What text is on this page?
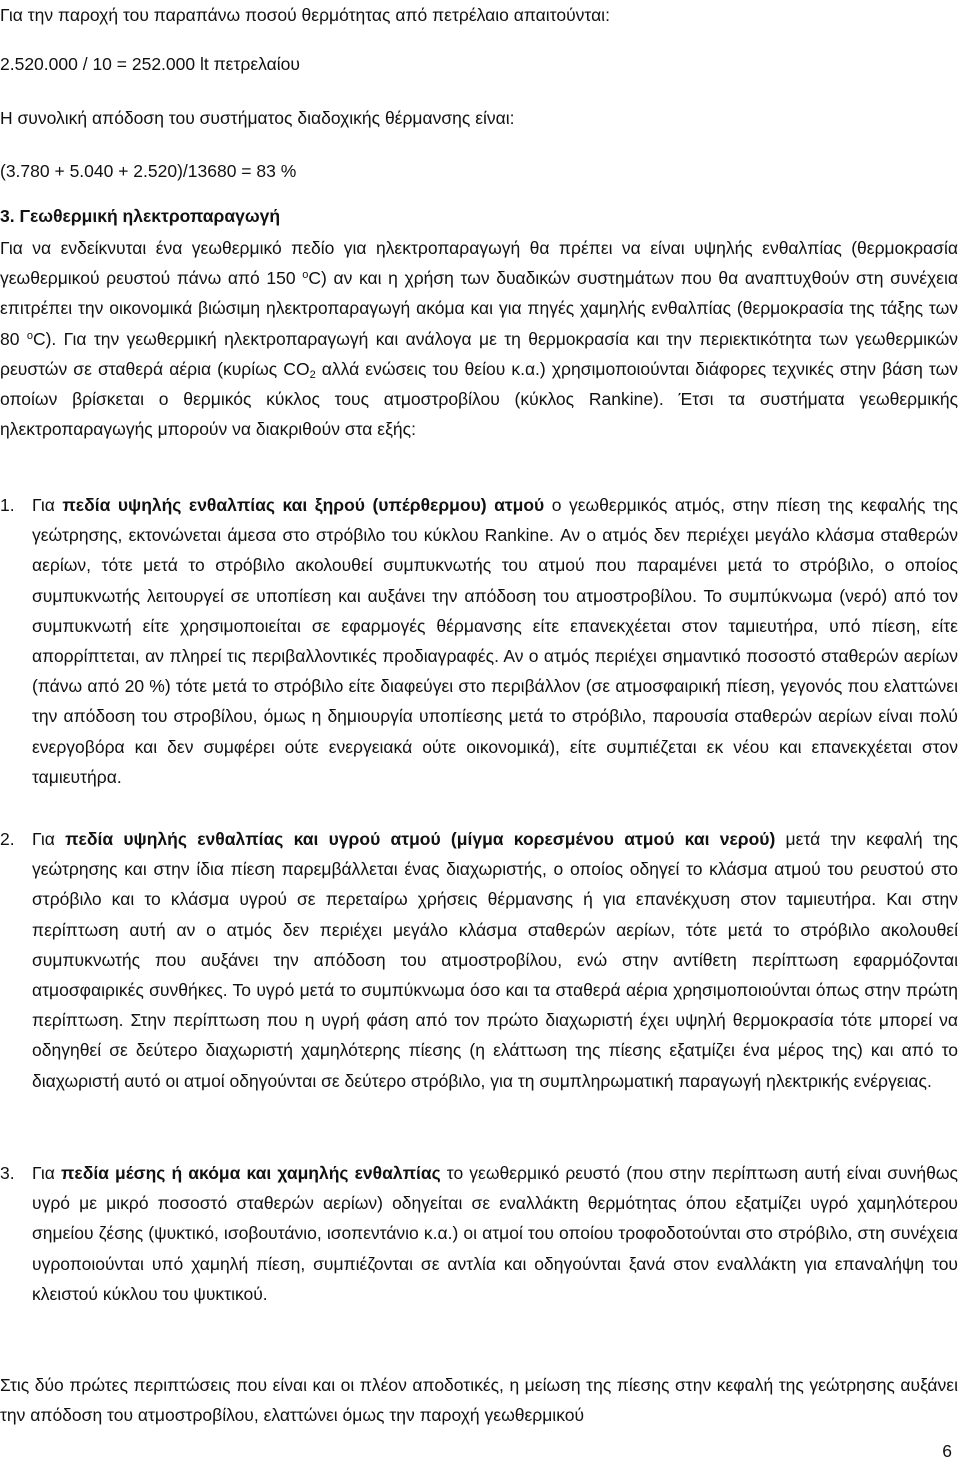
Για την παροχή του παραπάνω ποσού θερμότητας από πετρέλαιο απαιτούνται:
2.520.000 / 10 = 252.000 lt πετρελαίου
Η συνολική απόδοση του συστήματος διαδοχικής θέρμανσης είναι:
(3.780 + 5.040 + 2.520)/13680 = 83 %
3. Γεωθερμική ηλεκτροπαραγωγή
Για να ενδείκνυται ένα γεωθερμικό πεδίο για ηλεκτροπαραγωγή θα πρέπει να είναι υψηλής ενθαλπίας (θερμοκρασία γεωθερμικού ρευστού πάνω από 150 $^o$C) αν και η χρήση των δυαδικών συστημάτων που θα αναπτυχθούν στη συνέχεια επιτρέπει την οικονομικά βιώσιμη ηλεκτροπαραγωγή ακόμα και για πηγές χαμηλής ενθαλπίας (θερμοκρασία της τάξης των 80 $^o$C). Για την γεωθερμική ηλεκτροπαραγωγή και ανάλογα με τη θερμοκρασία και την περιεκτικότητα των γεωθερμικών ρευστών σε σταθερά αέρια (κυρίως $CO_2$ αλλά ενώσεις του θείου κ.α.) χρησιμοποιούνται διάφορες τεχνικές στην βάση των οποίων βρίσκεται ο θερμικός κύκλος τους ατμοστροβίλου (κύκλος Rankine). Έτσι τα συστήματα γεωθερμικής ηλεκτροπαραγωγής μπορούν να διακριθούν στα εξής:
1. Για πεδία υψηλής ενθαλπίας και ξηρού (υπέρθερμου) ατμού ο γεωθερμικός ατμός, στην πίεση της κεφαλής της γεώτρησης, εκτονώνεται άμεσα στο στρόβιλο του κύκλου Rankine. Αν ο ατμός δεν περιέχει μεγάλο κλάσμα σταθερών αερίων, τότε μετά το στρόβιλο ακολουθεί συμπυκνωτής του ατμού που παραμένει μετά το στρόβιλο, ο οποίος συμπυκνωτής λειτουργεί σε υποπίεση και αυξάνει την απόδοση του ατμοστροβίλου. Το συμπύκνωμα (νερό) από τον συμπυκνωτή είτε χρησιμοποιείται σε εφαρμογές θέρμανσης είτε επανεκχέεται στον ταμιευτήρα, υπό πίεση, είτε απορρίπτεται, αν πληρεί τις περιβαλλοντικές προδιαγραφές. Αν ο ατμός περιέχει σημαντικό ποσοστό σταθερών αερίων (πάνω από 20 %) τότε μετά το στρόβιλο είτε διαφεύγει στο περιβάλλον (σε ατμοσφαιρική πίεση, γεγονός που ελαττώνει την απόδοση του στροβίλου, όμως η δημιουργία υποπίεσης μετά το στρόβιλο, παρουσία σταθερών αερίων είναι πολύ ενεργοβόρα και δεν συμφέρει ούτε ενεργειακά ούτε οικονομικά), είτε συμπιέζεται εκ νέου και επανεκχέεται στον ταμιευτήρα.
2. Για πεδία υψηλής ενθαλπίας και υγρού ατμού (μίγμα κορεσμένου ατμού και νερού) μετά την κεφαλή της γεώτρησης και στην ίδια πίεση παρεμβάλλεται ένας διαχωριστής, ο οποίος οδηγεί το κλάσμα ατμού του ρευστού στο στρόβιλο και το κλάσμα υγρού σε περεταίρω χρήσεις θέρμανσης ή για επανέκχυση στον ταμιευτήρα. Και στην περίπτωση αυτή αν ο ατμός δεν περιέχει μεγάλο κλάσμα σταθερών αερίων, τότε μετά το στρόβιλο ακολουθεί συμπυκνωτής που αυξάνει την απόδοση του ατμοστροβίλου, ενώ στην αντίθετη περίπτωση εφαρμόζονται ατμοσφαιρικές συνθήκες. Το υγρό μετά το συμπύκνωμα όσο και τα σταθερά αέρια χρησιμοποιούνται όπως στην πρώτη περίπτωση. Στην περίπτωση που η υγρή φάση από τον πρώτο διαχωριστή έχει υψηλή θερμοκρασία τότε μπορεί να οδηγηθεί σε δεύτερο διαχωριστή χαμηλότερης πίεσης (η ελάττωση της πίεσης εξατμίζει ένα μέρος της) και από το διαχωριστή αυτό οι ατμοί οδηγούνται σε δεύτερο στρόβιλο, για τη συμπληρωματική παραγωγή ηλεκτρικής ενέργειας.
3. Για πεδία μέσης ή ακόμα και χαμηλής ενθαλπίας το γεωθερμικό ρευστό (που στην περίπτωση αυτή είναι συνήθως υγρό με μικρό ποσοστό σταθερών αερίων) οδηγείται σε εναλλάκτη θερμότητας όπου εξατμίζει υγρό χαμηλότερου σημείου ζέσης (ψυκτικό, ισοβουτάνιο, ισοπεντάνιο κ.α.) οι ατμοί του οποίου τροφοδοτούνται στο στρόβιλο, στη συνέχεια υγροποιούνται υπό χαμηλή πίεση, συμπιέζονται σε αντλία και οδηγούνται ξανά στον εναλλάκτη για επαναλήψη του κλειστού κύκλου του ψυκτικού.
Στις δύο πρώτες περιπτώσεις που είναι και οι πλέον αποδοτικές, η μείωση της πίεσης στην κεφαλή της γεώτρησης αυξάνει την απόδοση του ατμοστροβίλου, ελαττώνει όμως την παροχή γεωθερμικού
6
